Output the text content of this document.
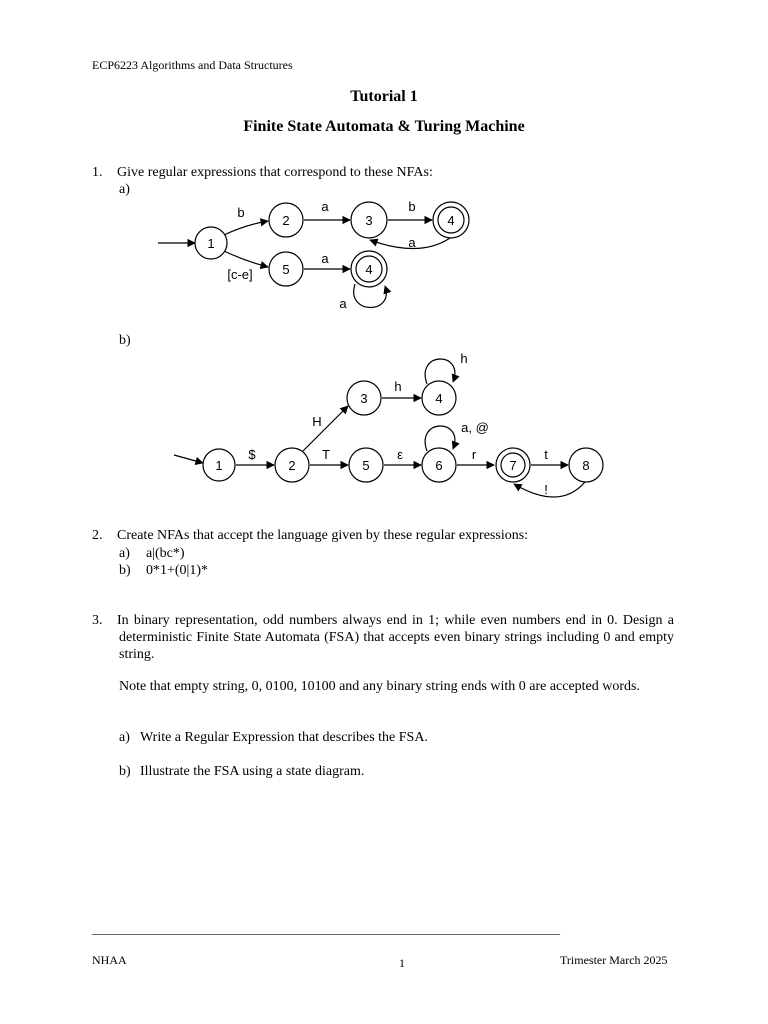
ECP6223 Algorithms and Data Structures
Tutorial 1
Finite State Automata & Turing Machine
1. Give regular expressions that correspond to these NFAs:
a)
1
2	3	4
5	4
b	a	b
a
[c-e]
a
a
b)
1	2
3	4
5	6	7	8
$
H
h
h
T	ε
a, @
r	t
!
2. Create NFAs that accept the language given by these regular expressions:
a) a|(bc*)
b) 0*1+(0|1)*
3. In binary representation, odd numbers always end in 1; while even numbers end in 0. Design a deterministic Finite State Automata (FSA) that accepts even binary strings including 0 and empty string.
Note that empty string, 0, 0100, 10100 and any binary string ends with 0 are accepted words.
a) Write a Regular Expression that describes the FSA.
b) Illustrate the FSA using a state diagram.
______________________________________________________________________________
NHAA	1	Trimester March 2025
